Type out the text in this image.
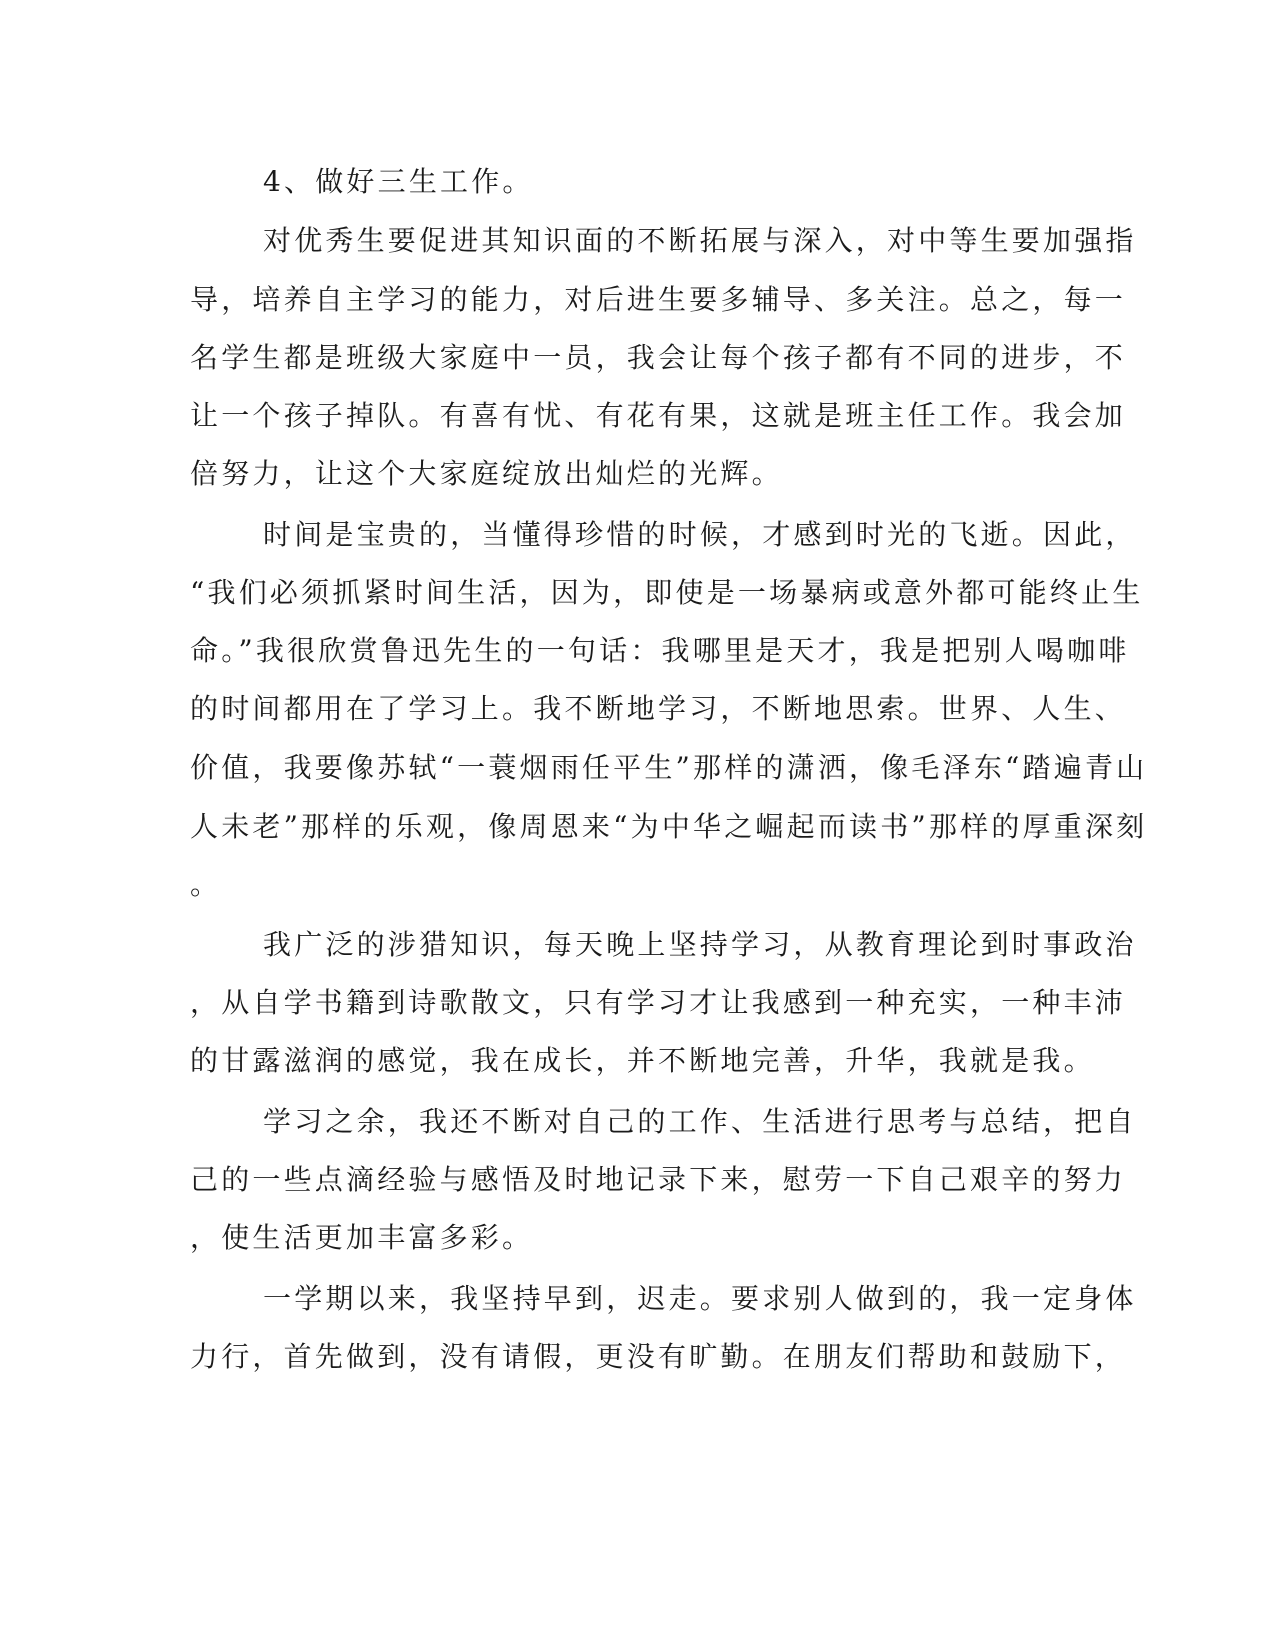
4、做好三生工作。
对优秀生要促进其知识面的不断拓展与深入，对中等生要加强指
导，培养自主学习的能力，对后进生要多辅导、多关注。总之，每一
名学生都是班级大家庭中一员，我会让每个孩子都有不同的进步，不
让一个孩子掉队。有喜有忧、有花有果，这就是班主任工作。我会加
倍努力，让这个大家庭绽放出灿烂的光辉。
时间是宝贵的，当懂得珍惜的时候，才感到时光的飞逝。因此，
“我们必须抓紧时间生活，因为，即使是一场暴病或意外都可能终止生
命。”我很欣赏鲁迅先生的一句话：我哪里是天才，我是把别人喝咖啡
的时间都用在了学习上。我不断地学习，不断地思索。世界、人生、
价值，我要像苏轼“一蓑烟雨任平生”那样的潇洒，像毛泽东“踏遍青山
人未老”那样的乐观，像周恩来“为中华之崛起而读书”那样的厚重深刻
。
我广泛的涉猎知识，每天晚上坚持学习，从教育理论到时事政治
，从自学书籍到诗歌散文，只有学习才让我感到一种充实，一种丰沛
的甘露滋润的感觉，我在成长，并不断地完善，升华，我就是我。
学习之余，我还不断对自己的工作、生活进行思考与总结，把自
己的一些点滴经验与感悟及时地记录下来，慰劳一下自己艰辛的努力
，使生活更加丰富多彩。
一学期以来，我坚持早到，迟走。要求别人做到的，我一定身体
力行，首先做到，没有请假，更没有旷勤。在朋友们帮助和鼓励下，
